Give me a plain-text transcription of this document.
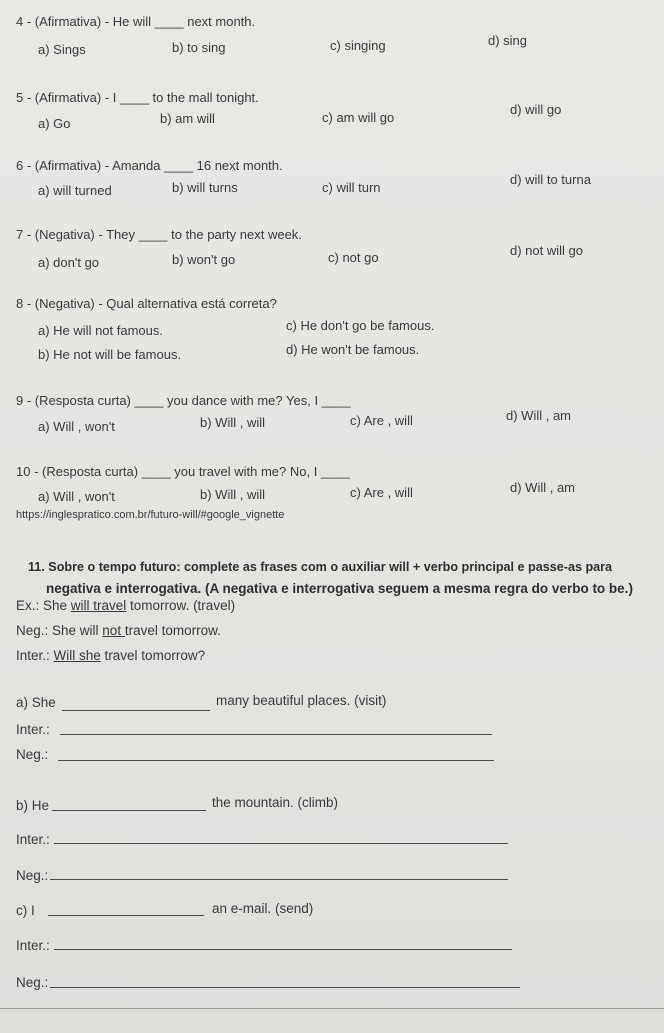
4 - (Afirmativa) - He will ____ next month.
a) Sings	b) to sing	c) singing	d) sing
5 - (Afirmativa) - I ____ to the mall tonight.
a) Go	b) am will	c) am will go
d) will go
6 - (Afirmativa) - Amanda ____ 16 next month.
a) will turned	b) will turns	c) will turn
d) will to turna
7 - (Negativa) - They ____ to the party next week.
a) don't go	b) won't go	c) not go	d) not will go
8 - (Negativa) - Qual alternativa está correta?
a) He will not famous.
b) He not will be famous.
c) He don't go be famous.
d) He won't be famous.
9 - (Resposta curta) ____ you dance with me? Yes, I ____
a) Will , won't	b) Will , will	c) Are , will	d) Will , am
10 - (Resposta curta) ____ you travel with me? No, I ____
a) Will , won't	b) Will , will	c) Are , will	d) Will , am
https://inglespratico.com.br/futuro-will/#google_vignette
11. Sobre o tempo futuro: complete as frases com o auxiliar will + verbo principal e passe-as para
negativa e interrogativa. (A negativa e interrogativa seguem a mesma regra do verbo to be.)
Ex.: She will travel tomorrow. (travel)
Neg.: She will not travel tomorrow.
Inter.: Will she travel tomorrow?
a) She	many beautiful places. (visit)
Inter.:
Neg.:
b) He	the mountain. (climb)
Inter.:
Neg.:
c) I	an e-mail. (send)
Inter.:
Neg.:
